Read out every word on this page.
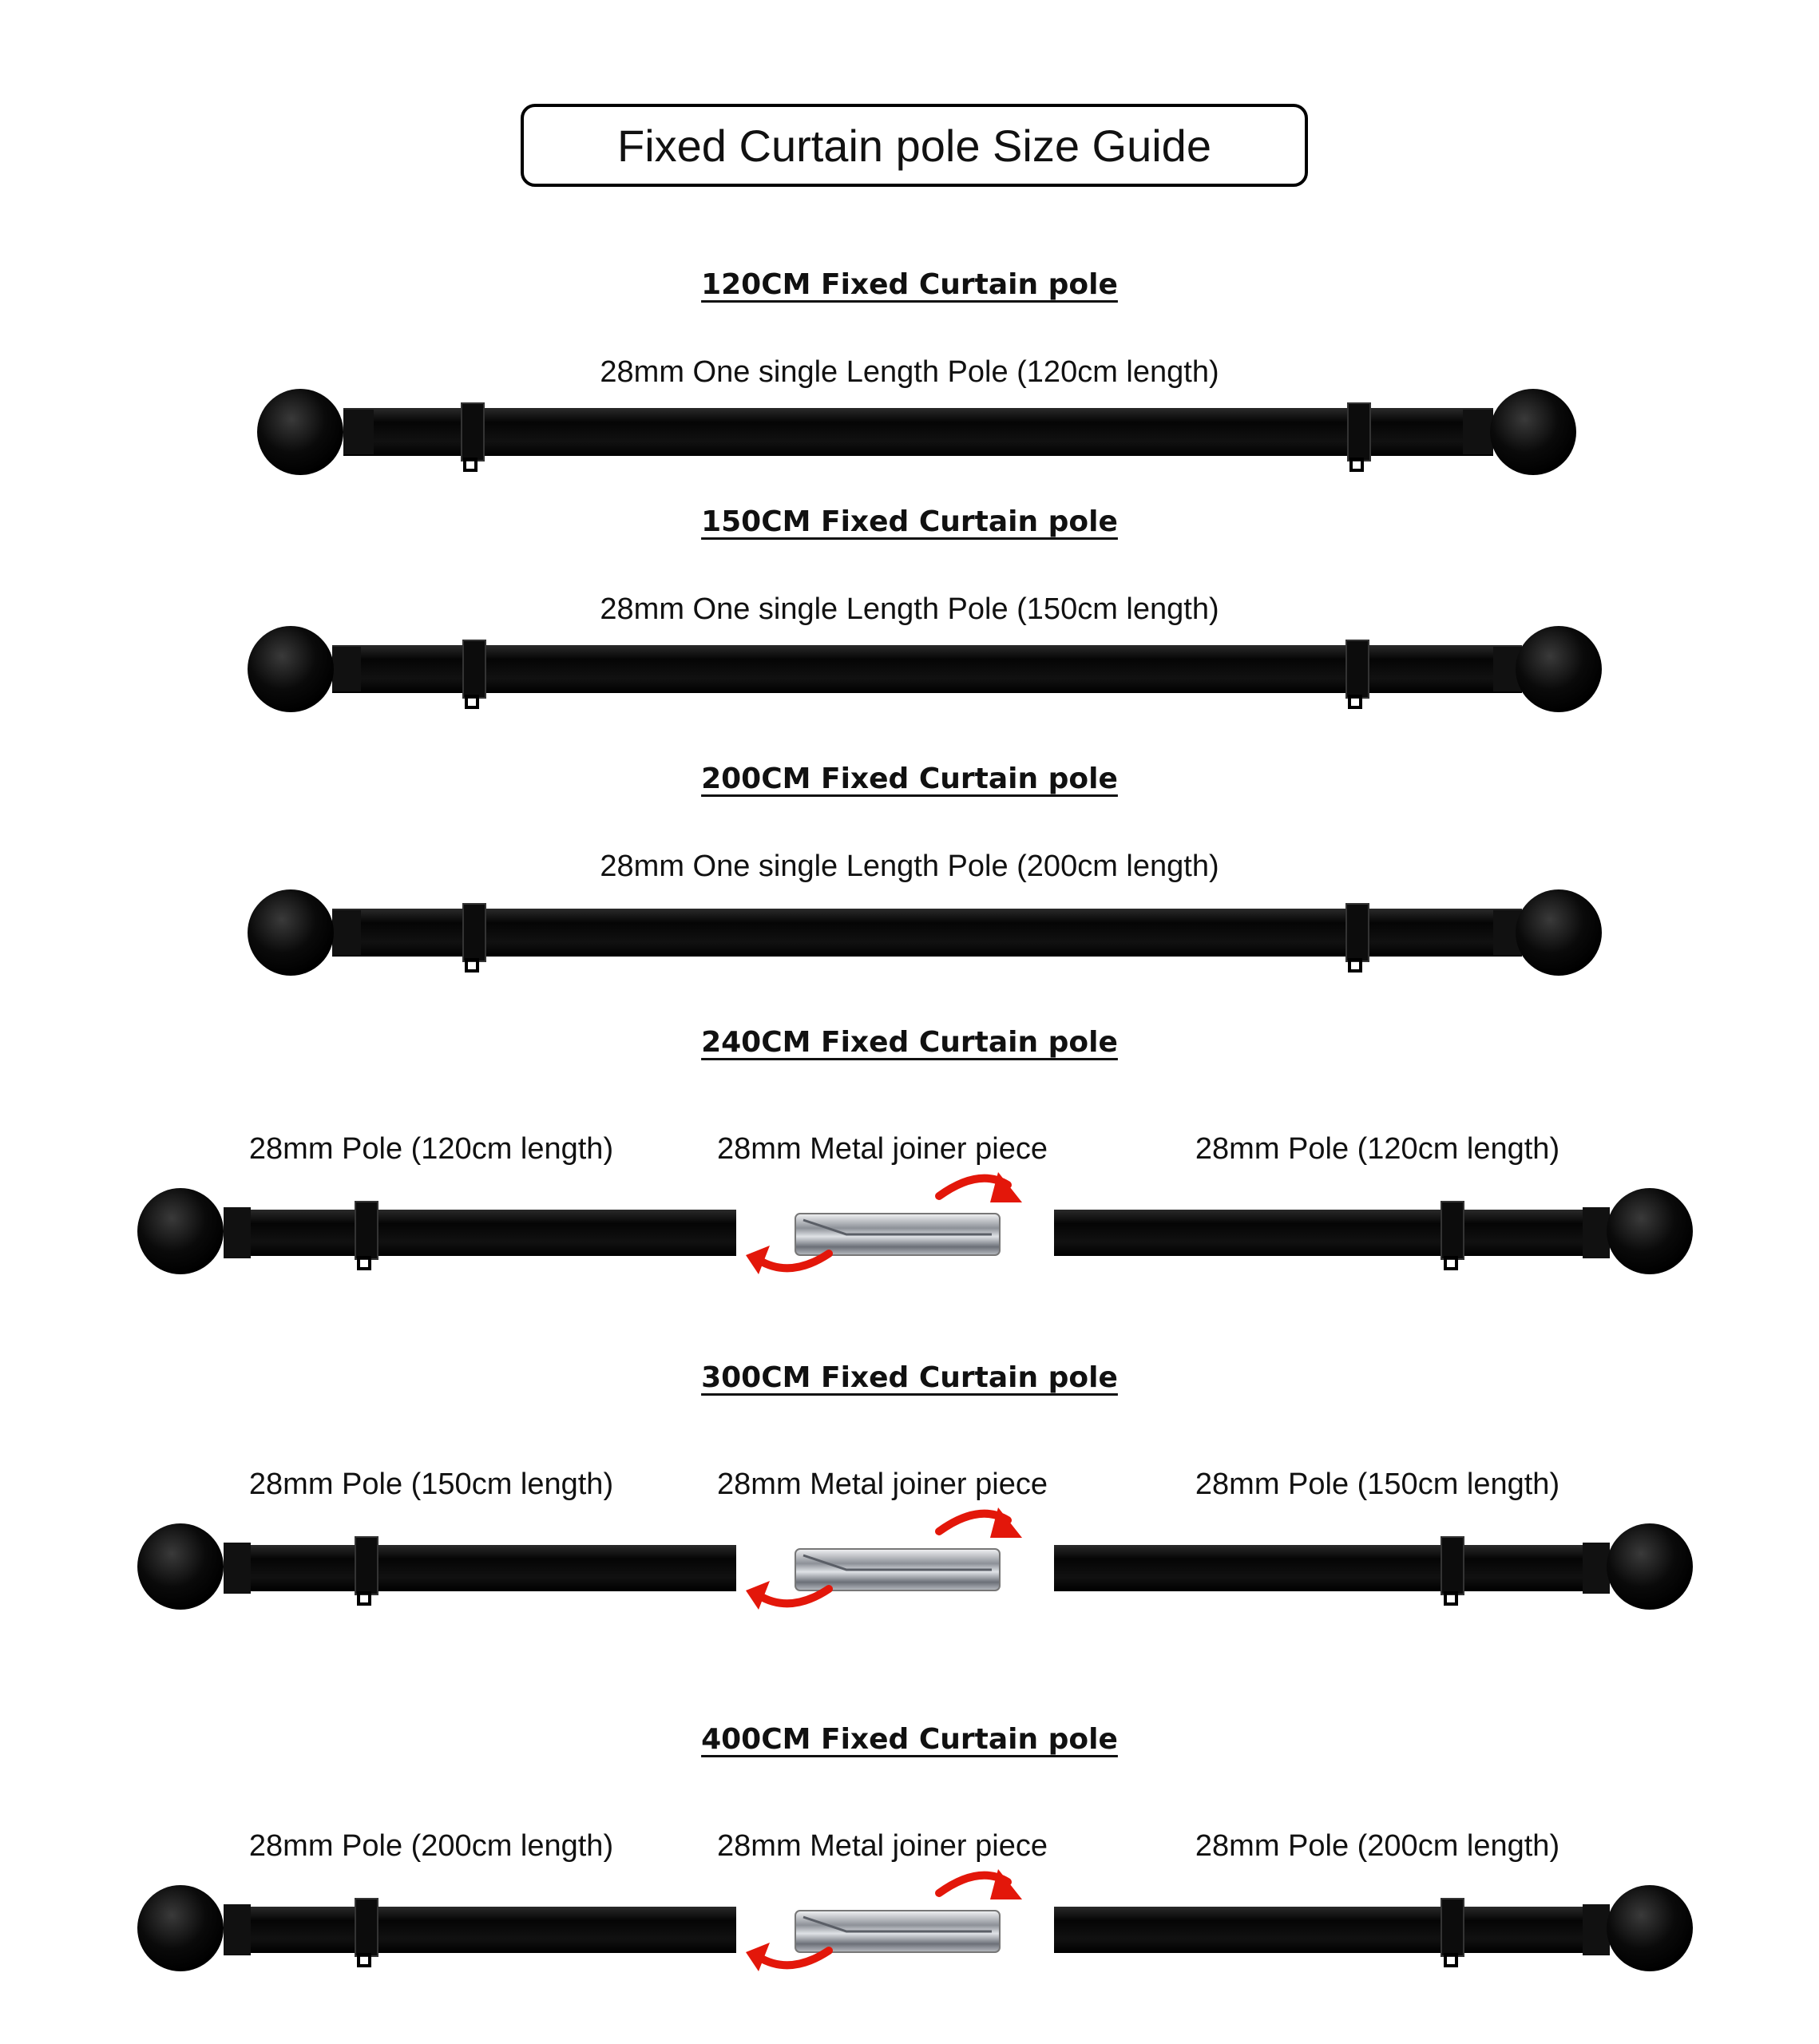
Fixed Curtain pole Size Guide
120CM Fixed Curtain pole
150CM Fixed Curtain pole
200CM Fixed Curtain pole
240CM Fixed Curtain pole
300CM Fixed Curtain pole
400CM Fixed Curtain pole
28mm One single Length Pole (120cm length)
28mm One single Length Pole (150cm length)
28mm One single Length Pole (200cm length)
28mm Pole (120cm length)	28mm Metal joiner piece	28mm Pole (120cm length)
28mm Pole (150cm length)	28mm Metal joiner piece	28mm Pole (150cm length)
28mm Pole (200cm length)	28mm Metal joiner piece	28mm Pole (200cm length)
